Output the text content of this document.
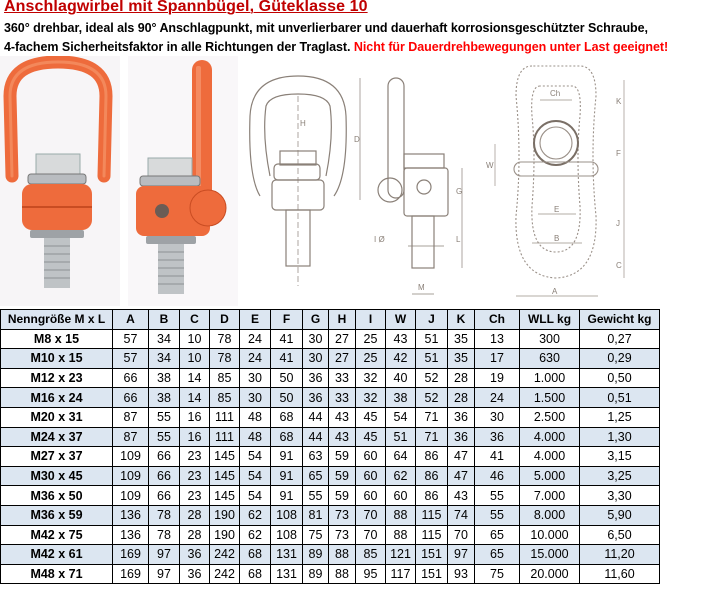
Anschlagwirbel mit Spannbügel, Güteklasse 10
360° drehbar, ideal als 90° Anschlagpunkt, mit unverlierbarer und dauerhaft korrosionsgeschützter Schraube,
4-fachem Sicherheitsfaktor in alle Richtungen der Traglast. Nicht für Dauerdrehbewegungen unter Last geeignet!
H
D
G
L
I Ø
M
Ch
K
F
W
E
B
J
C
A
Nenngröße M x L	A	B	C	D	E	F	G	H	I	W	J	K	Ch	WLL kg	Gewicht kg
M8 x 15	57	34	10	78	24	41	30	27	25	43	51	35	13	300	0,27
M10 x 15	57	34	10	78	24	41	30	27	25	42	51	35	17	630	0,29
M12 x 23	66	38	14	85	30	50	36	33	32	40	52	28	19	1.000	0,50
M16 x 24	66	38	14	85	30	50	36	33	32	38	52	28	24	1.500	0,51
M20 x 31	87	55	16	111	48	68	44	43	45	54	71	36	30	2.500	1,25
M24 x 37	87	55	16	111	48	68	44	43	45	51	71	36	36	4.000	1,30
M27 x 37	109	66	23	145	54	91	63	59	60	64	86	47	41	4.000	3,15
M30 x 45	109	66	23	145	54	91	65	59	60	62	86	47	46	5.000	3,25
M36 x 50	109	66	23	145	54	91	55	59	60	60	86	43	55	7.000	3,30
M36 x 59	136	78	28	190	62	108	81	73	70	88	115	74	55	8.000	5,90
M42 x 75	136	78	28	190	62	108	75	73	70	88	115	70	65	10.000	6,50
M42 x 61	169	97	36	242	68	131	89	88	85	121	151	97	65	15.000	11,20
M48 x 71	169	97	36	242	68	131	89	88	95	117	151	93	75	20.000	11,60
